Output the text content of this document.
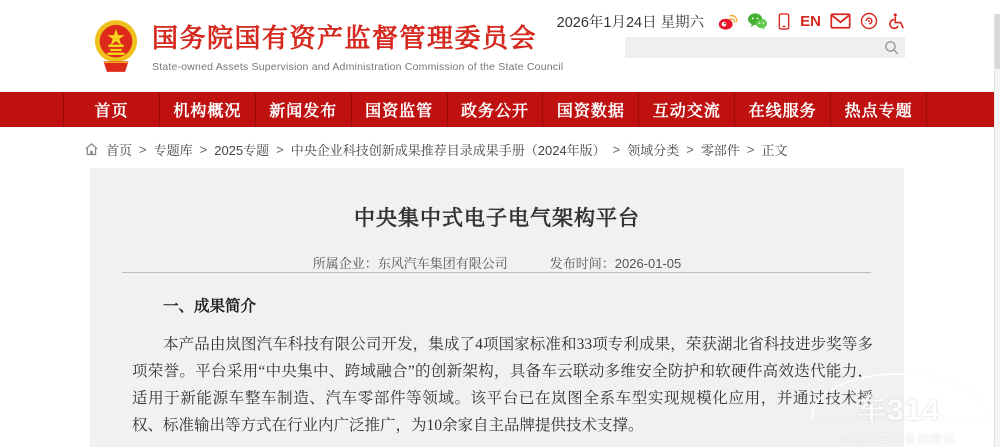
国务院国有资产监督管理委员会
State-owned Assets Supervision and Administration Commission of the State Council
2026年1月24日 星期六	EN
首页	机构概况 新闻发布 国资监管 政务公开 国资数据 互动交流 在线服务 热点专题
首页 > 专题库 > 2025专题 > 中央企业科技创新成果推荐目录成果手册（2024年版） > 领域分类 > 零部件 > 正文
中央集中式电子电气架构平台
所属企业：东风汽车集团有限公司	发布时间：2026-01-05

一、成果简介

本产品由岚图汽车科技有限公司开发，集成了4项国家标准和33项专利成果，荣获湖北省科技进步奖等多项荣誉。平台采用“中央集中、跨域融合”的创新架构，具备车云联动多维安全防护和软硬件高效迭代能力，适用于新能源车整车制造、汽车零部件等领域。该平台已在岚图全系车型实现规模化应用，并通过技术授权、标准输出等方式在行业内广泛推广，为10余家自主品牌提供技术支撑。	车314
专注汽车行业的网站
